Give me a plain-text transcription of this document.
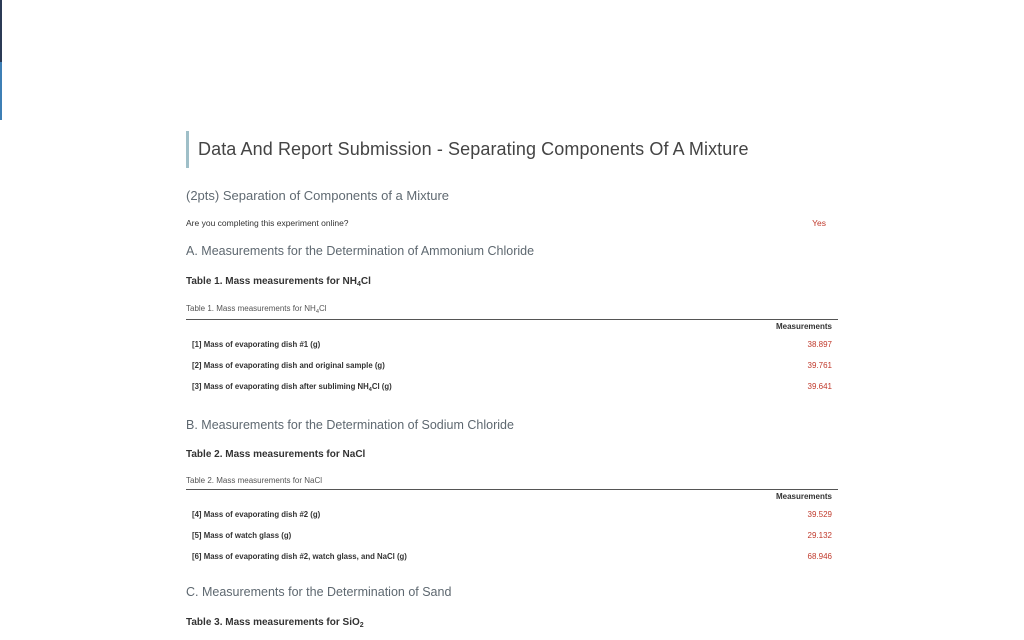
Data And Report Submission - Separating Components Of A Mixture
(2pts) Separation of Components of a Mixture
Are you completing this experiment online?	Yes
A. Measurements for the Determination of Ammonium Chloride
Table 1. Mass measurements for $NH_4Cl$
Table 1. Mass measurements for $NH_4Cl$
Measurements
[1] Mass of evaporating dish #1 (g)	38.897
[2] Mass of evaporating dish and original sample (g)	39.761
[3] Mass of evaporating dish after subliming $NH_4Cl$ (g)	39.641
B. Measurements for the Determination of Sodium Chloride
Table 2. Mass measurements for NaCl
Table 2. Mass measurements for NaCl
Measurements
[4] Mass of evaporating dish #2 (g)	39.529
[5] Mass of watch glass (g)	29.132
[6] Mass of evaporating dish #2, watch glass, and NaCl (g)	68.946
C. Measurements for the Determination of Sand
Table 3. Mass measurements for SiO$_2$
